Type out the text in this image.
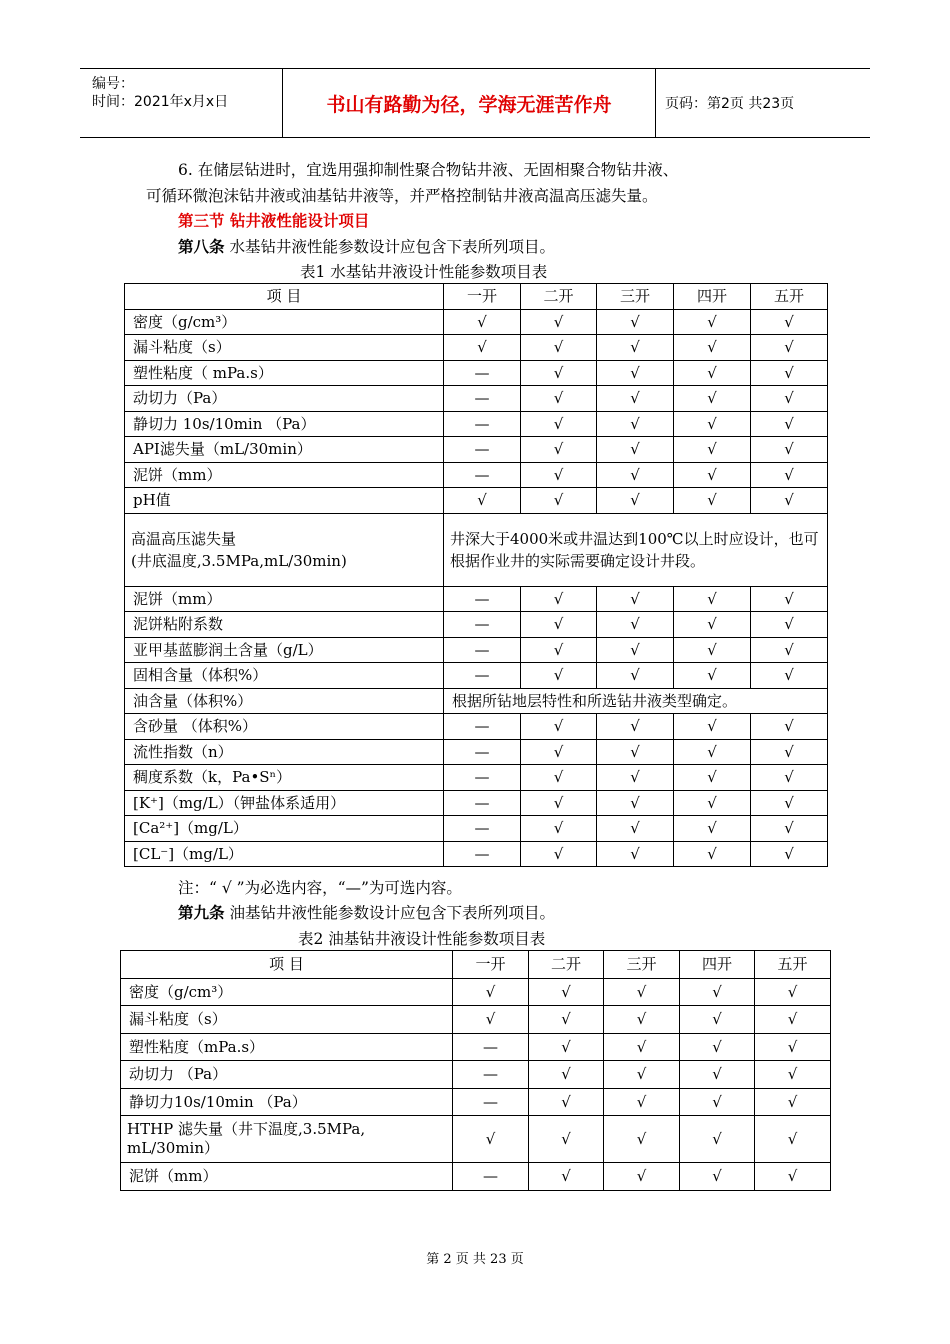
编号：
时间：2021年x月x日	书山有路勤为径，学海无涯苦作舟	页码：第2页 共23页
6. 在储层钻进时，宜选用强抑制性聚合物钻井液、无固相聚合物钻井液、
可循环微泡沫钻井液或油基钻井液等，并严格控制钻井液高温高压滤失量。
第三节 钻井液性能设计项目
第八条 水基钻井液性能参数设计应包含下表所列项目。
表1 水基钻井液设计性能参数项目表
项 目	一开	二开	三开	四开	五开
密度（g/cm³）	√	√	√	√	√
漏斗粘度（s）	√	√	√	√	√
塑性粘度（ mPa.s）	—	√	√	√	√
动切力（Pa）	—	√	√	√	√
静切力 10s/10min （Pa）	—	√	√	√	√
API滤失量（mL/30min）	—	√	√	√	√
泥饼（mm）	—	√	√	√	√
pH值	√	√	√	√	√

高温高压滤失量
(井底温度,3.5MPa,mL/30min)	井深大于4000米或井温达到100℃以上时应设计，也可根据作业井的实际需要确定设计井段。				
泥饼（mm）	—	√	√	√	√
泥饼粘附系数	—	√	√	√	√
亚甲基蓝膨润土含量（g/L）	—	√	√	√	√
固相含量（体积%）	—	√	√	√	√
油含量（体积%）	根据所钻地层特性和所选钻井液类型确定。				
含砂量 （体积%）	—	√	√	√	√
流性指数（n）	—	√	√	√	√
稠度系数（k，Pa•Sⁿ）	—	√	√	√	√
[K⁺]（mg/L）（钾盐体系适用）	—	√	√	√	√
[Ca²⁺]（mg/L）	—	√	√	√	√
[CL⁻]（mg/L）	—	√	√	√	√
注：“ √ ”为必选内容，“—”为可选内容。
第九条 油基钻井液性能参数设计应包含下表所列项目。
表2 油基钻井液设计性能参数项目表
项 目	一开	二开	三开	四开	五开
密度（g/cm³）	√	√	√	√	√
漏斗粘度（s）	√	√	√	√	√
塑性粘度（mPa.s）	—	√	√	√	√
动切力 （Pa）	—	√	√	√	√
静切力10s/10min （Pa）	—	√	√	√	√
HTHP 滤失量（井下温度,3.5MPa, mL/30min）	√	√	√	√	√
泥饼（mm）	—	√	√	√	√
第 2 页 共 23 页
